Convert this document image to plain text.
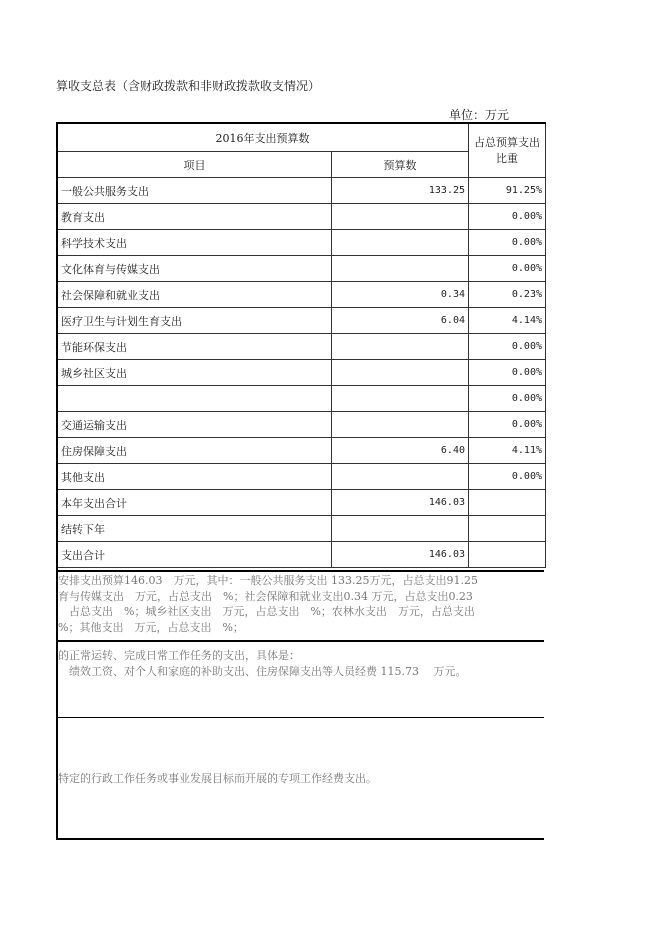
算收支总表（含财政拨款和非财政拨款收支情况）
单位：万元
2016年支出预算数		占总预算支出比重
项目	预算数	
一般公共服务支出	133.25	91.25%
教育支出		0.00%
科学技术支出		0.00%
文化体育与传媒支出		0.00%
社会保障和就业支出	0.34	0.23%
医疗卫生与计划生育支出	6.04	4.14%
节能环保支出		0.00%
城乡社区支出		0.00%
		0.00%
交通运输支出		0.00%
住房保障支出	6.40	4.11%
其他支出		0.00%
本年支出合计	146.03	
结转下年		
支出合计	146.03	
安排支出预算146.03　万元，其中：一般公共服务支出 133.25万元，占总支出91.25
育与传媒支出　万元，占总支出　%；社会保障和就业支出0.34 万元，占总支出0.23
　占总支出　%；城乡社区支出　万元，占总支出　%；农林水支出　万元，占总支出
%；其他支出　万元，占总支出　%；
的正常运转、完成日常工作任务的支出，具体是：
　绩效工资、对个人和家庭的补助支出、住房保障支出等人员经费 115.73　 万元。
特定的行政工作任务或事业发展目标而开展的专项工作经费支出。
